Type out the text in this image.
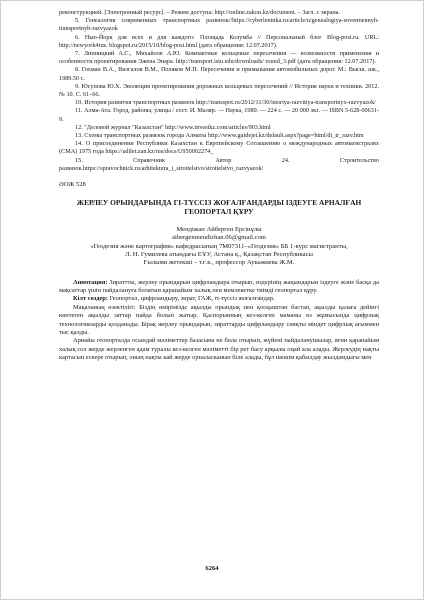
реконструкцией. [Электронный ресурс]. – Режим доступа: http://online.zakon.kz/document. – Загл. с экрана.

5. Генеалогия современных транспортных развязок//https://cyberleninka.ru/article/n/genealogiya-sovremennyh-transportnyh-razvyazok

6. Нью-Йорк для всех и для каждого: Площадь Колумба // Персональный блог Blog-post.ru. URL: http://newyork4rus. blogspot.ru/2015/10/blog-post.html (дата обращения: 12.07.2017).

7. Липницкий А.С., Михайлов А.Ю. Компактные кольцевые пересечения — возможности применения и особенности проектирования Эжена Энара. http://transport.istu.edu/downloads/ round_3.pdf (дата обращения: 12.07.2017).

8. Гохман В.А., Визгалов В.М., Поляков М.П. Пересечения и примыкания автомобильных дорог. М.: Высш. шк., 1989.50 с.

9. Юсупова Ю.Х. Эволюция проектирования дорожных кольцевых пересечений // История науки и техники. 2012. № 10. С. 61–66.

10. История развития транспортных развязок http://transspot.ru/2012/11/30/istoriya-razvitiya-transportnyx-razvyazok/

11. Алма-Ата. Город, районы, улицы / сост. И. Маляр. — Наука, 1989. — 224 с. — 20 000 экз. — ISBN 5-628-00631-9.

12. "Деловой журнал "Казахстан" http://www.investkz.com/articles/903.html

13. Схемы транспортных развязок города Алматы http://www.guidejet.kz/default.aspx?page=html/di_tr_razv.htm

14. О присоединении Республики Казахстан к Европейскому Соглашению о международных автомагистралях (СМА) 1975 года https://adilet.zan.kz/rus/docs/U950002274_

15.	Справочник Автор 24. Строительство развязок.https://spravochnick.ru/arhitektura_i_stroitelstvo/stroitelstvo_razvyazok/

ӘОЖ 528
ЖЕРЛЕУ ОРЫНДАРЫНДА ГІ-ТҮССІЗ ЖОҒАЛҒАНДАРДЫ ІЗДЕУГЕ АРНАЛҒАН ГЕОПОРТАЛ ҚҰРУ
Мендіжан Айберген Ерсінұлы
aibergenmendizhan.06@gmail.com
«Геодезия және картография» кафедрасының 7М07311–«Геодезия» ББ 1-курс магистранты,
Л. Н. Гумилева атындағы ЕҰУ, Астана қ., Қазақстан Республикасы
Ғылыми жетекші – т.ғ.к., профессор Аукажиева Ж.М.

Аннотация: Зираттты, жерлеу орындарын цифрландыра отырып, өздерінің жақындарын іздеуге және басқа да мақсаттар үшін пайдалануға болатын қарапайым халық пен мемлекетке тиімді геопортал құру.

Кілт сөздер: Геопортал, цифрландыру, зират, ГАЖ, гі-түссіз жоғалғандар.

Мақаланың өзектілігі: Біздің өміріміздє ақылды орындық пен қосқыштан бастап, ақылды қалаға дейінгі көптеген ақылды заттар пайда болып жатыр. Қаспорынның кез-келген маманы өз жұмысында цифрлық технологияларды қолданады. Бірақ жерлеу орындарын, зираттарды цифрландыру сияқты міндет цифрлық ағыммен тыс қалды.

Арнайы геопорталда осындай мәліметтер базасына не бола отырып, жүйені пайдаланушылар, яғни қарапайым халық сол жерде жерленген адам туралы кез-келген мәліметті бір рет басу арқылы оңай ала алады. Жерлеудің нақты картасын ескере отырып, оның нақты кай жерде орналасканын біле алады, бұл шешім қабылдау жылдамдығы мен

6264
